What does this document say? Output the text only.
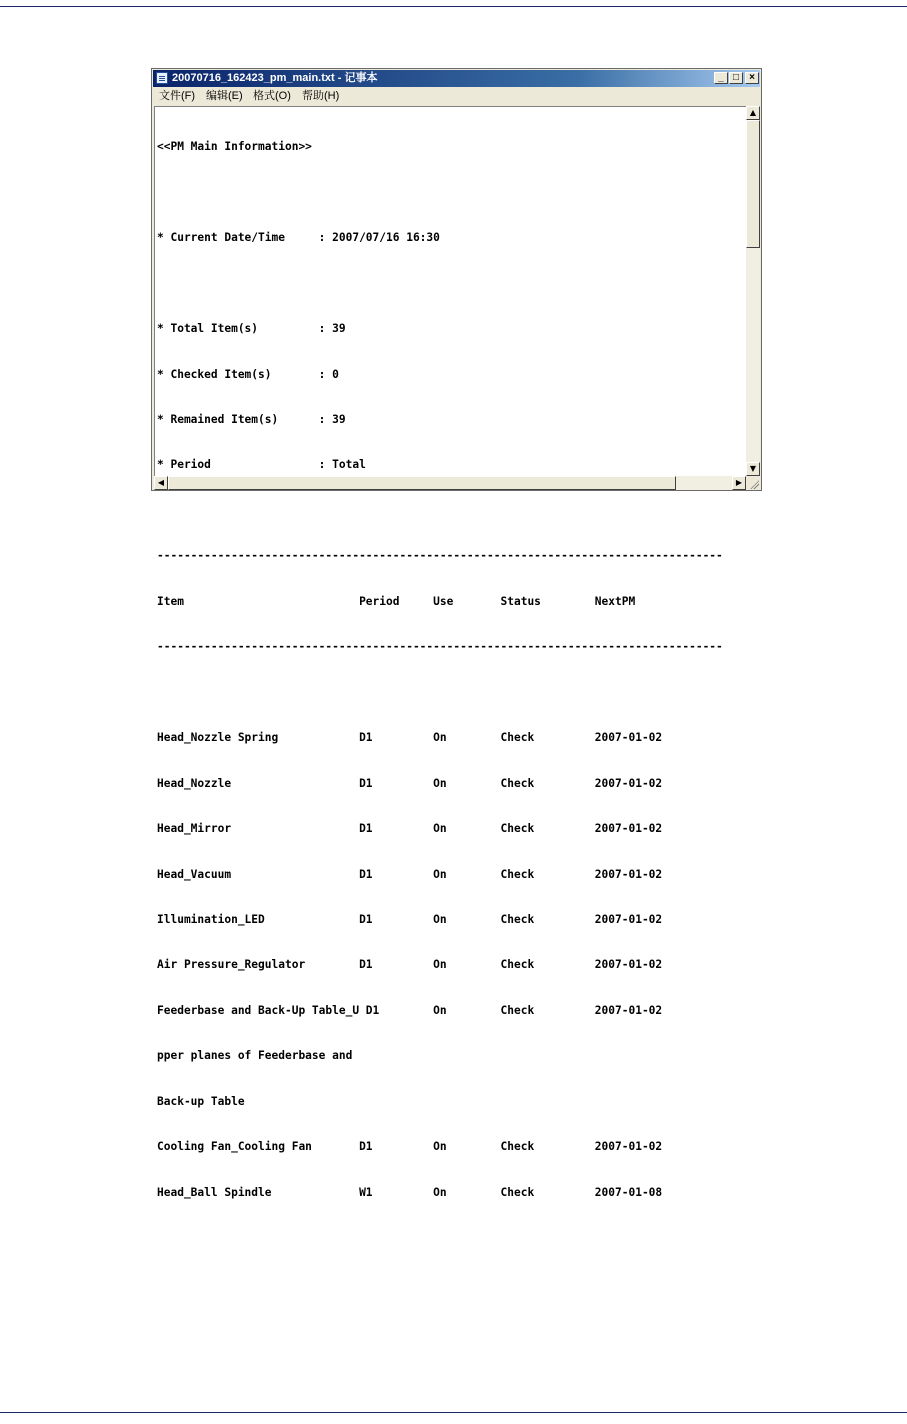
20070716_162423_pm_main.txt - 记事本	_ □	×
文件(F) 编辑(E) 格式(O) 帮助(H)

<<PM Main Information>>

* Current Date/Time     : 2007/07/16 16:30

* Total Item(s)         : 39

* Checked Item(s)       : 0

* Remained Item(s)      : 39

* Period                : Total

------------------------------------------------------------------------------------

Item                          Period     Use       Status        NextPM

------------------------------------------------------------------------------------

Head_Nozzle Spring            D1         On        Check         2007-01-02

Head_Nozzle                   D1         On        Check         2007-01-02

Head_Mirror                   D1         On        Check         2007-01-02

Head_Vacuum                   D1         On        Check         2007-01-02

Illumination_LED              D1         On        Check         2007-01-02

Air Pressure_Regulator        D1         On        Check         2007-01-02

Feederbase and Back-Up Table_U D1        On        Check         2007-01-02

pper planes of Feederbase and

Back-up Table

Cooling Fan_Cooling Fan       D1         On        Check         2007-01-02

Head_Ball Spindle             W1         On        Check         2007-01-08

▲
▼
◀	▶
